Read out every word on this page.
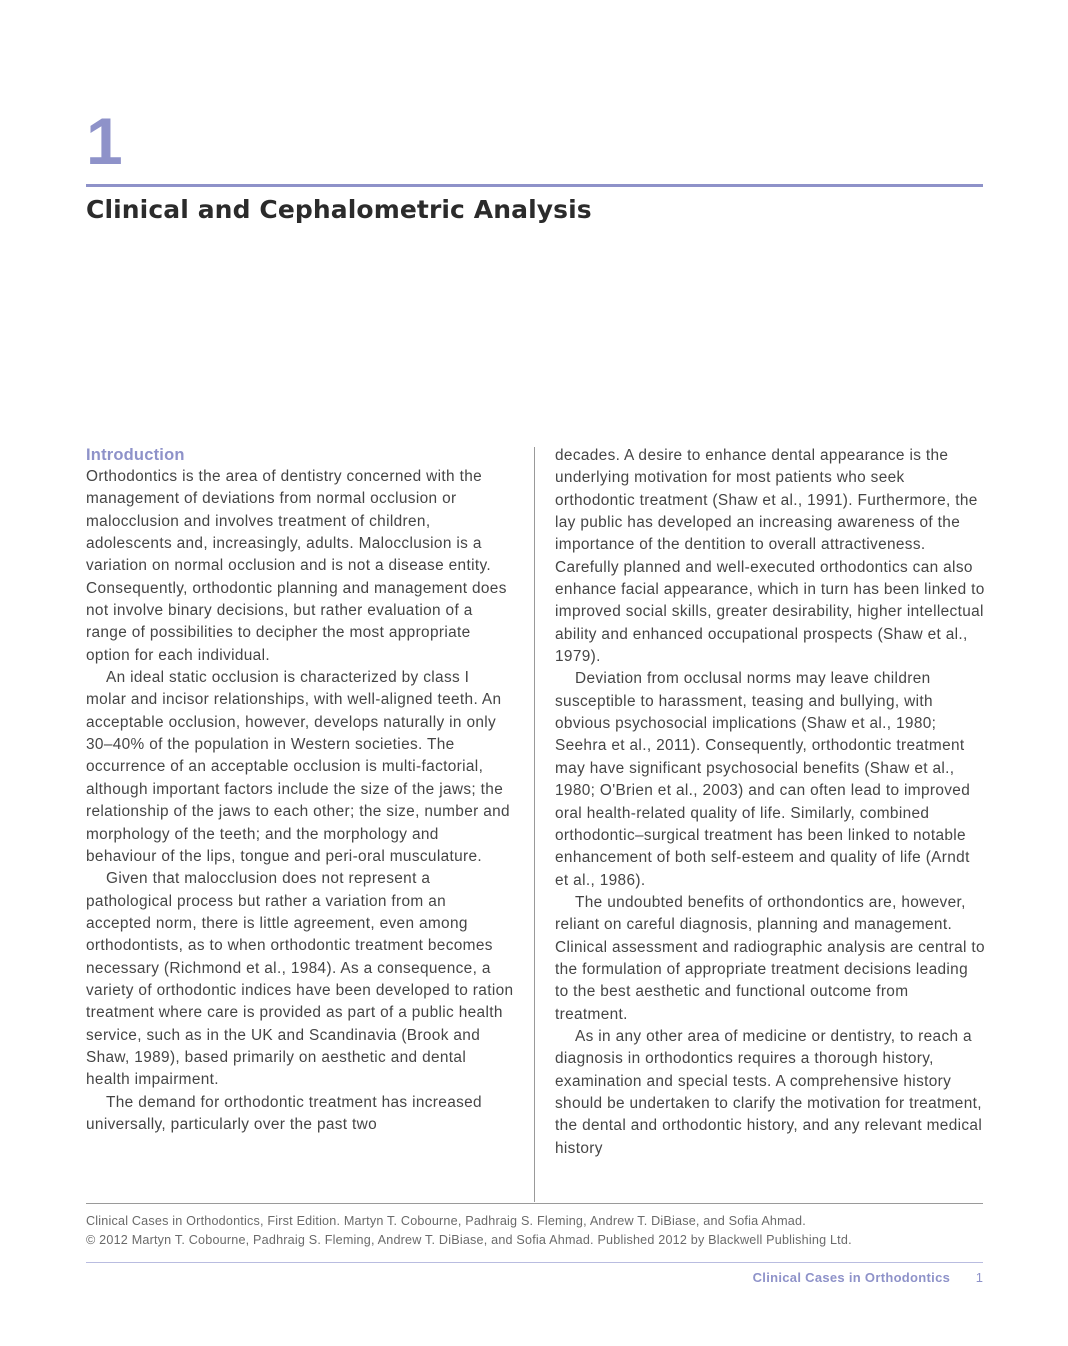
1
Clinical and Cephalometric Analysis
Introduction

Orthodontics is the area of dentistry concerned with the management of deviations from normal occlusion or malocclusion and involves treatment of children, adolescents and, increasingly, adults. Malocclusion is a variation on normal occlusion and is not a disease entity. Consequently, orthodontic planning and management does not involve binary decisions, but rather evaluation of a range of possibilities to decipher the most appropriate option for each individual.

An ideal static occlusion is characterized by class I molar and incisor relationships, with well-aligned teeth. An acceptable occlusion, however, develops naturally in only 30–40% of the population in Western societies. The occurrence of an acceptable occlusion is multi-factorial, although important factors include the size of the jaws; the relationship of the jaws to each other; the size, number and morphology of the teeth; and the morphology and behaviour of the lips, tongue and peri-oral musculature.

Given that malocclusion does not represent a pathological process but rather a variation from an accepted norm, there is little agreement, even among orthodontists, as to when orthodontic treatment becomes necessary (Richmond et al., 1984). As a consequence, a variety of orthodontic indices have been developed to ration treatment where care is provided as part of a public health service, such as in the UK and Scandinavia (Brook and Shaw, 1989), based primarily on aesthetic and dental health impairment.

The demand for orthodontic treatment has increased universally, particularly over the past two

decades. A desire to enhance dental appearance is the underlying motivation for most patients who seek orthodontic treatment (Shaw et al., 1991). Furthermore, the lay public has developed an increasing awareness of the importance of the dentition to overall attractiveness. Carefully planned and well-executed orthodontics can also enhance facial appearance, which in turn has been linked to improved social skills, greater desirability, higher intellectual ability and enhanced occupational prospects (Shaw et al., 1979).

Deviation from occlusal norms may leave children susceptible to harassment, teasing and bullying, with obvious psychosocial implications (Shaw et al., 1980; Seehra et al., 2011). Consequently, orthodontic treatment may have significant psychosocial benefits (Shaw et al., 1980; O'Brien et al., 2003) and can often lead to improved oral health-related quality of life. Similarly, combined orthodontic–surgical treatment has been linked to notable enhancement of both self-esteem and quality of life (Arndt et al., 1986).

The undoubted benefits of orthondontics are, however, reliant on careful diagnosis, planning and management. Clinical assessment and radiographic analysis are central to the formulation of appropriate treatment decisions leading to the best aesthetic and functional outcome from treatment.

As in any other area of medicine or dentistry, to reach a diagnosis in orthodontics requires a thorough history, examination and special tests. A comprehensive history should be undertaken to clarify the motivation for treatment, the dental and orthodontic history, and any relevant medical history

Clinical Cases in Orthodontics, First Edition. Martyn T. Cobourne, Padhraig S. Fleming, Andrew T. DiBiase, and Sofia Ahmad.
© 2012 Martyn T. Cobourne, Padhraig S. Fleming, Andrew T. DiBiase, and Sofia Ahmad. Published 2012 by Blackwell Publishing Ltd.
Clinical Cases in Orthodontics 1
